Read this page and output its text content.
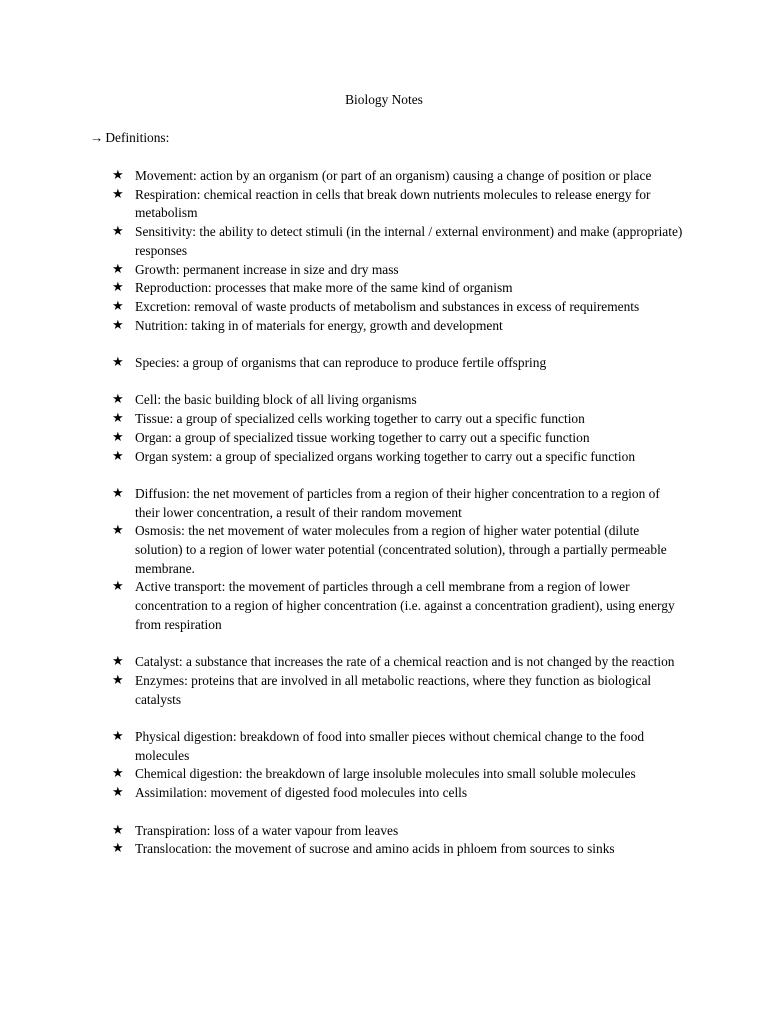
Biology Notes
→ Definitions:
★ Movement: action by an organism (or part of an organism) causing a change of position or place
★ Respiration: chemical reaction in cells that break down nutrients molecules to release energy for metabolism
★ Sensitivity: the ability to detect stimuli (in the internal / external environment) and make (appropriate) responses
★ Growth: permanent increase in size and dry mass
★ Reproduction: processes that make more of the same kind of organism
★ Excretion: removal of waste products of metabolism and substances in excess of requirements
★ Nutrition: taking in of materials for energy, growth and development
★ Species: a group of organisms that can reproduce to produce fertile offspring
★ Cell: the basic building block of all living organisms
★ Tissue: a group of specialized cells working together to carry out a specific function
★ Organ: a group of specialized tissue working together to carry out a specific function
★ Organ system: a group of specialized organs working together to carry out a specific function
★ Diffusion: the net movement of particles from a region of their higher concentration to a region of their lower concentration, a result of their random movement
★ Osmosis: the net movement of water molecules from a region of higher water potential (dilute solution) to a region of lower water potential (concentrated solution), through a partially permeable membrane.
★ Active transport: the movement of particles through a cell membrane from a region of lower concentration to a region of higher concentration (i.e. against a concentration gradient), using energy from respiration
★ Catalyst: a substance that increases the rate of a chemical reaction and is not changed by the reaction
★ Enzymes: proteins that are involved in all metabolic reactions, where they function as biological catalysts
★ Physical digestion: breakdown of food into smaller pieces without chemical change to the food molecules
★ Chemical digestion: the breakdown of large insoluble molecules into small soluble molecules
★ Assimilation: movement of digested food molecules into cells
★ Transpiration: loss of a water vapour from leaves
★ Translocation: the movement of sucrose and amino acids in phloem from sources to sinks
